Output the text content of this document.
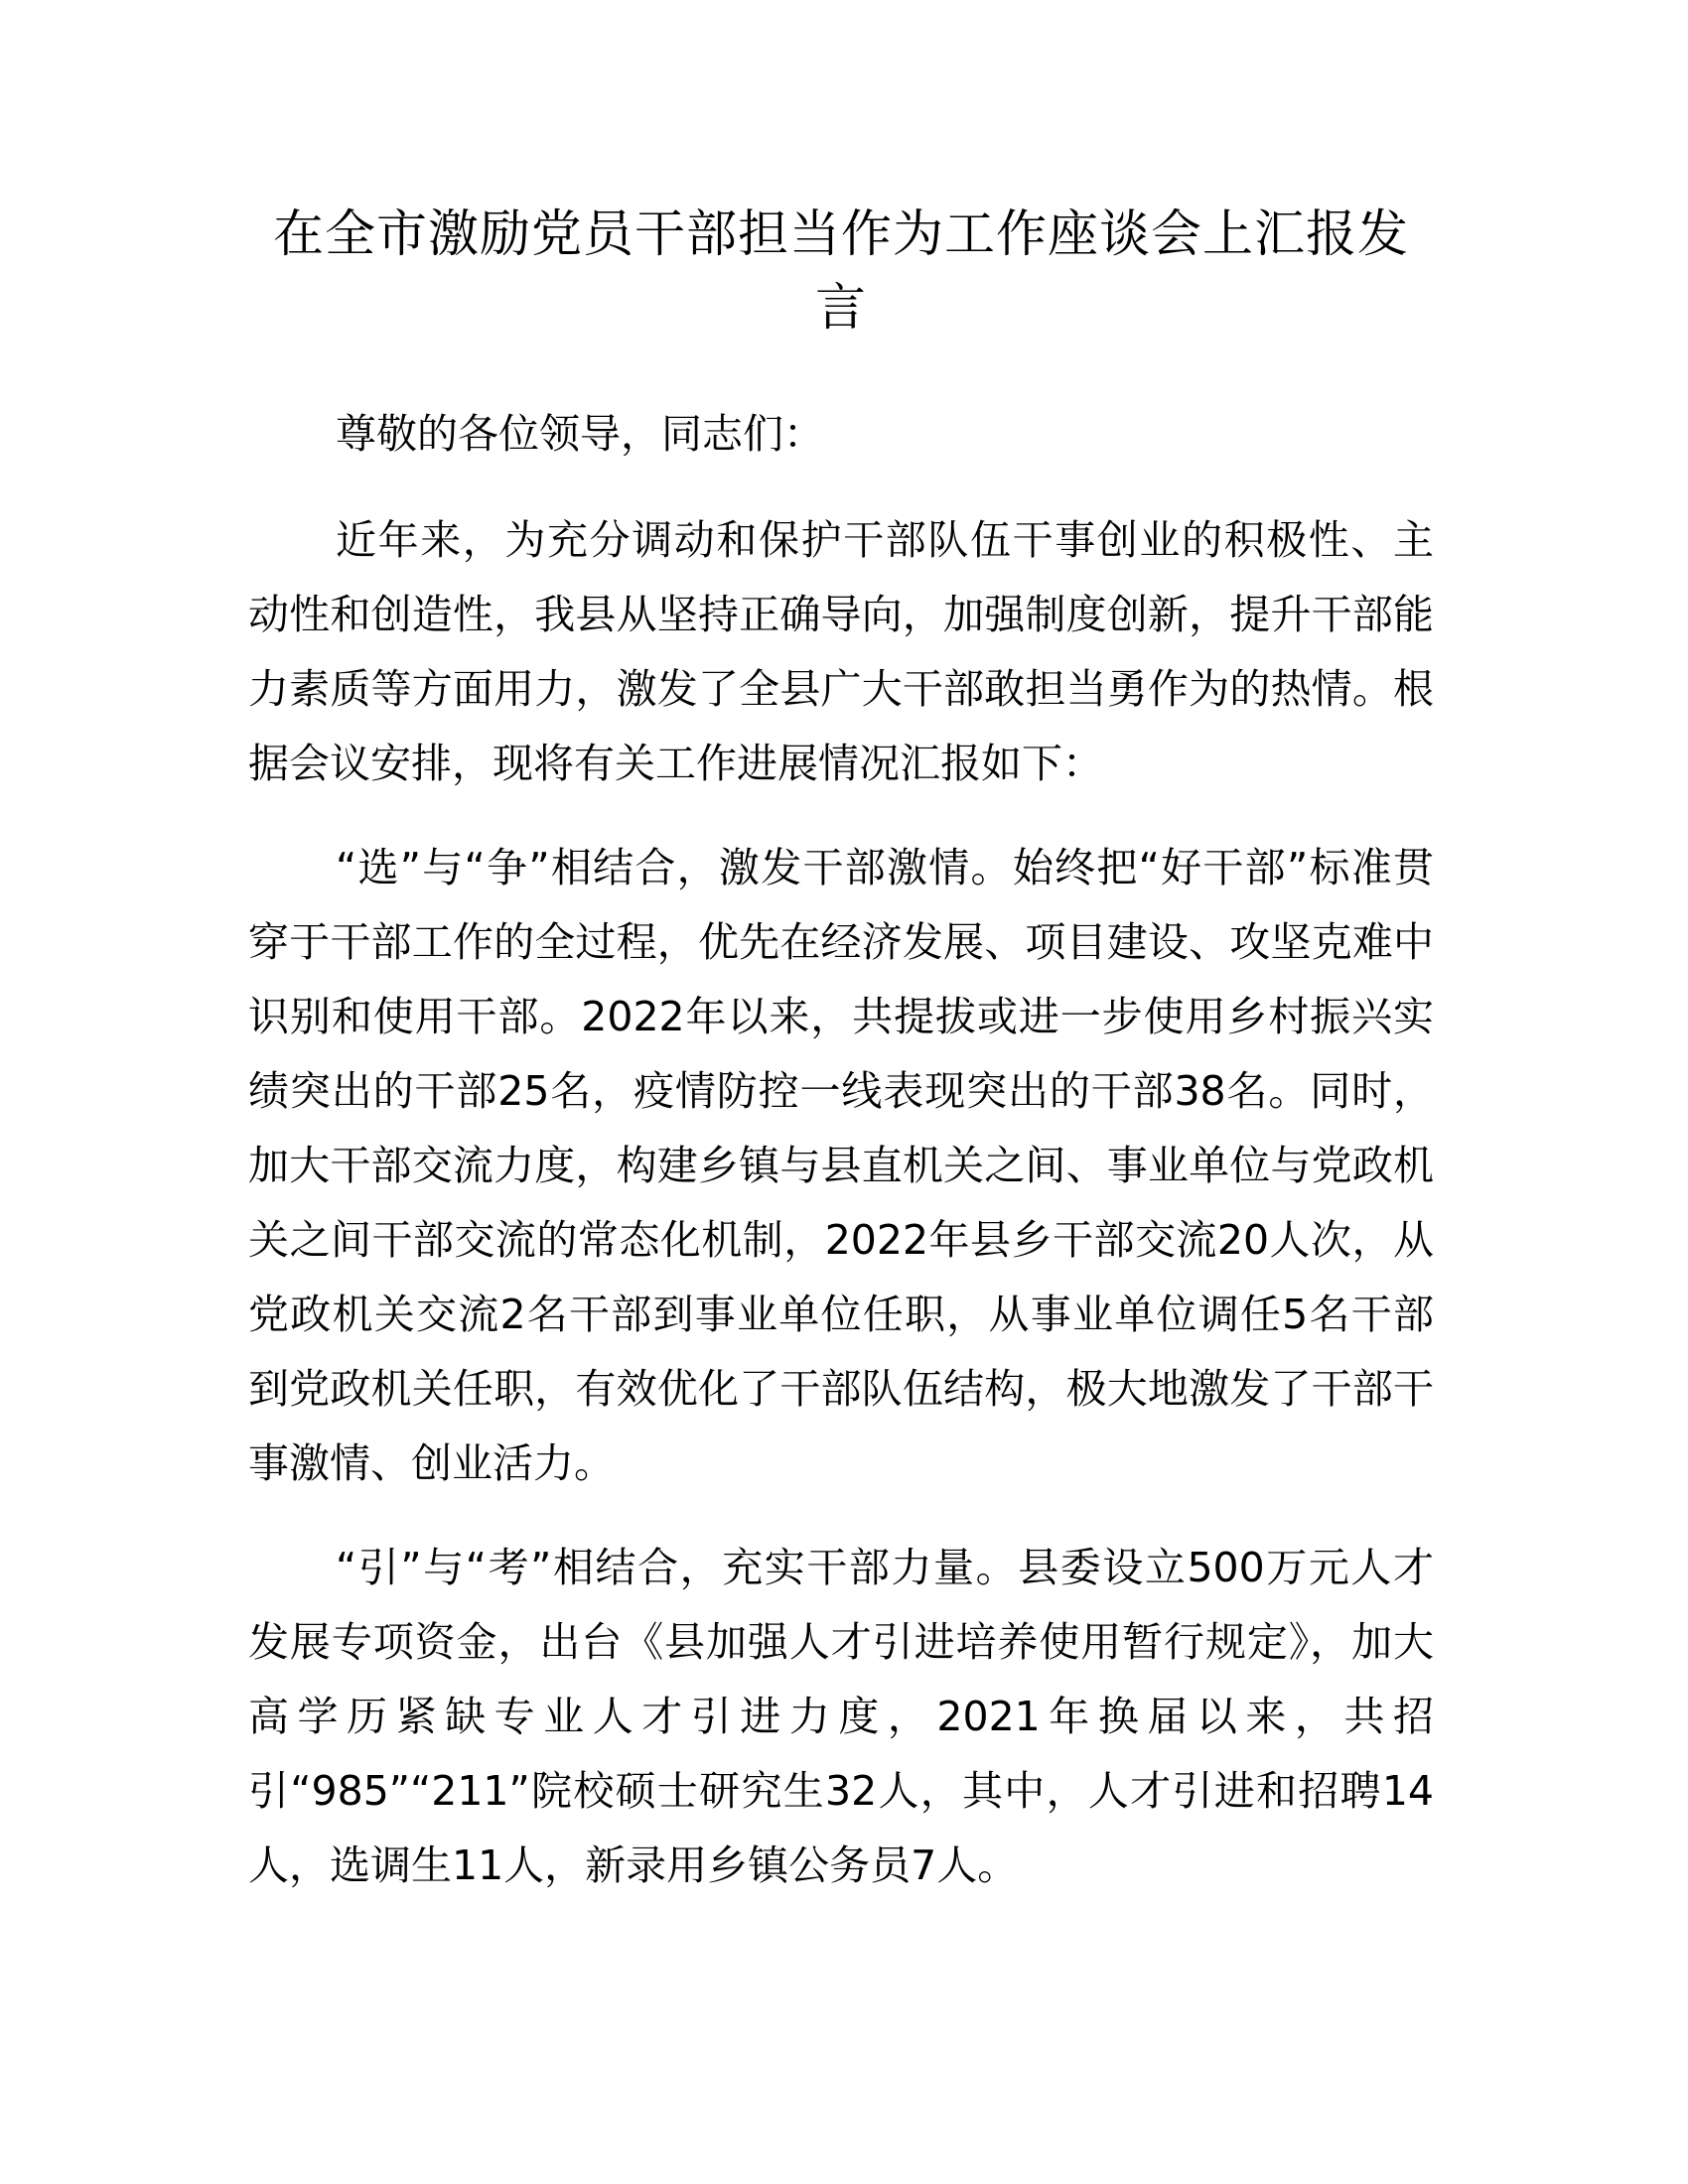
在全市激励党员干部担当作为工作座谈会上汇报发言

尊敬的各位领导，同志们：

近年来，为充分调动和保护干部队伍干事创业的积极性、主动性和创造性，我县从坚持正确导向，加强制度创新，提升干部能力素质等方面用力，激发了全县广大干部敢担当勇作为的热情。根据会议安排，现将有关工作进展情况汇报如下：

“选”与“争”相结合，激发干部激情。始终把“好干部”标准贯穿于干部工作的全过程，优先在经济发展、项目建设、攻坚克难中识别和使用干部。2022年以来，共提拔或进一步使用乡村振兴实绩突出的干部25名，疫情防控一线表现突出的干部38名。同时，加大干部交流力度，构建乡镇与县直机关之间、事业单位与党政机关之间干部交流的常态化机制，2022年县乡干部交流20人次，从党政机关交流2名干部到事业单位任职，从事业单位调任5名干部到党政机关任职，有效优化了干部队伍结构，极大地激发了干部干事激情、创业活力。

“引”与“考”相结合，充实干部力量。县委设立500万元人才发展专项资金，出台《县加强人才引进培养使用暂行规定》，加大高学历紧缺专业人才引进力度，2021年换届以来，共招引“985”“211”院校硕士研究生32人，其中，人才引进和招聘14人，选调生11人，新录用乡镇公务员7人。
